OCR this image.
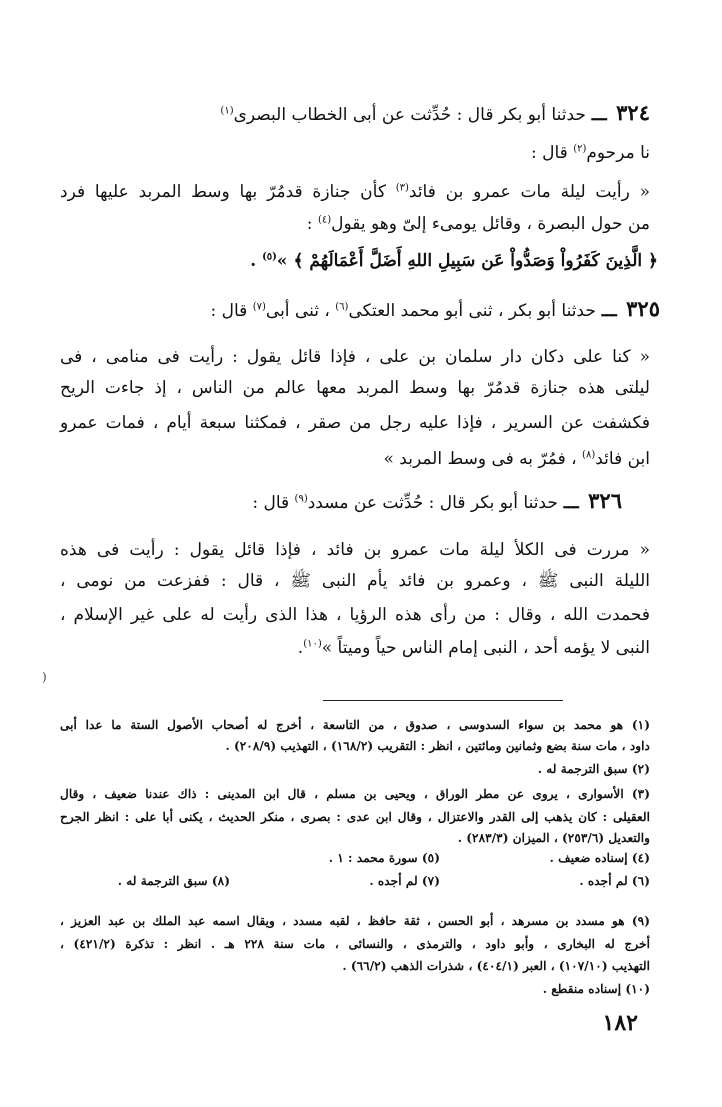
٣٢٤ ـــ حدثنا أبو بكر قال : حُدِّثت عن أبى الخطاب البصرى$^{(١)}$
نا مرحوم$^{(٢)}$ قال :
« رأيت ليلة مات عمرو بن فائد$^{(٣)}$ كأن جنازة قدمُرّ بها وسط المربد عليها فرد
من حول البصرة ، وقائل يومىء إلىّ وهو يقول$^{(٤)}$ :
﴿ الَّذِينَ كَفَرُواْ وَصَدُّواْ عَن سَبِيلِ اللهِ أَضَلَّ أَعْمَالَهُمْ ﴾ »$^{(٥)}$ .
٣٢٥ ـــ حدثنا أبو بكر ، ثنى أبو محمد العتكى$^{(٦)}$ ، ثنى أبى$^{(٧)}$ قال :
« كنا على دكان دار سلمان بن على ، فإذا قائل يقول : رأيت فى منامى ، فى
ليلتى هذه جنازة قدمُرّ بها وسط المربد معها عالم من الناس ، إذ جاءت الريح
فكشفت عن السرير ، فإذا عليه رجل من صقر ، فمكثنا سبعة أيام ، فمات عمرو
ابن فائد$^{(٨)}$ ، فمُرّ به فى وسط المربد »
٣٢٦ ـــ حدثنا أبو بكر قال : حُدِّثت عن مسدد$^{(٩)}$ قال :
« مررت فى الكلأ ليلة مات عمرو بن فائد ، فإذا قائل يقول : رأيت فى هذه
الليلة النبى ﷺ ، وعمرو بن فائد يأم النبى ﷺ ، قال : ففزعت من نومى ،
فحمدت الله ، وقال : من رأى هذه الرؤيا ، هذا الذى رأيت له على غير الإسلام ،
النبى لا يؤمه أحد ، النبى إمام الناس حياً وميتاً »$^{(١٠)}$.
(
(١) هو محمد بن سواء السدوسى ، صدوق ، من التاسعة ، أخرج له أصحاب الأصول الستة ما عدا أبى
داود ، مات سنة بضع وثمانين ومائتين ، انظر : التقريب (١٦٨/٢) ، التهذيب (٢٠٨/٩) .
(٢) سبق الترجمة له .
(٣) الأسوارى ، يروى عن مطر الوراق ، ويحيى بن مسلم ، قال ابن المدينى : ذاك عندنا ضعيف ، وقال
العقيلى : كان يذهب إلى القدر والاعتزال ، وقال ابن عدى : بصرى ، منكر الحديث ، يكنى أبا على : انظر الجرح
والتعديل (٢٥٣/٦) ، الميزان (٢٨٣/٣) .
(٤) إسناده ضعيف .
(٥) سورة محمد : ١ .
(٦) لم أجده .
(٧) لم أجده .
(٨) سبق الترجمة له .
(٩) هو مسدد بن مسرهد ، أبو الحسن ، ثقة حافظ ، لقبه مسدد ، ويقال اسمه عبد الملك بن عبد العزيز ،
أخرج له البخارى ، وأبو داود ، والترمذى ، والنسائى ، مات سنة ٢٢٨ هـ . انظر : تذكرة (٤٢١/٢) ،
التهذيب (١٠٧/١٠) ، العبر (٤٠٤/١) ، شذرات الذهب (٦٦/٢) .
(١٠) إسناده منقطع .
١٨٢
